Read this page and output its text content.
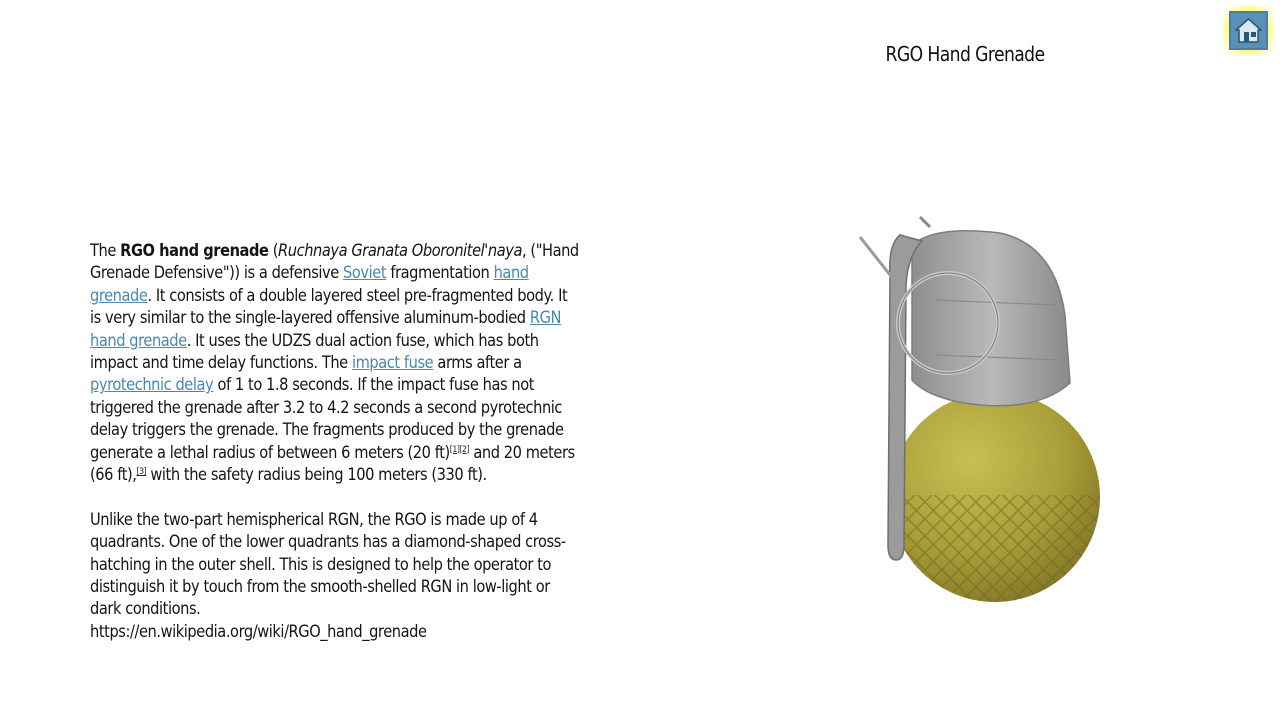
RGO Hand Grenade

The RGO hand grenade (Ruchnaya Granata Oboronitel'naya, ("Hand Grenade Defensive")) is a defensive Soviet fragmentation hand grenade. It consists of a double layered steel pre-fragmented body. It is very similar to the single-layered offensive aluminum-bodied RGN hand grenade. It uses the UDZS dual action fuse, which has both impact and time delay functions. The impact fuse arms after a pyrotechnic delay of 1 to 1.8 seconds. If the impact fuse has not triggered the grenade after 3.2 to 4.2 seconds a second pyrotechnic delay triggers the grenade. The fragments produced by the grenade generate a lethal radius of between 6 meters (20 ft)[1][2] and 20 meters (66 ft),[3] with the safety radius being 100 meters (330 ft).

Unlike the two-part hemispherical RGN, the RGO is made up of 4 quadrants. One of the lower quadrants has a diamond-shaped cross-hatching in the outer shell. This is designed to help the operator to distinguish it by touch from the smooth-shelled RGN in low-light or dark conditions.
https://en.wikipedia.org/wiki/RGO_hand_grenade
